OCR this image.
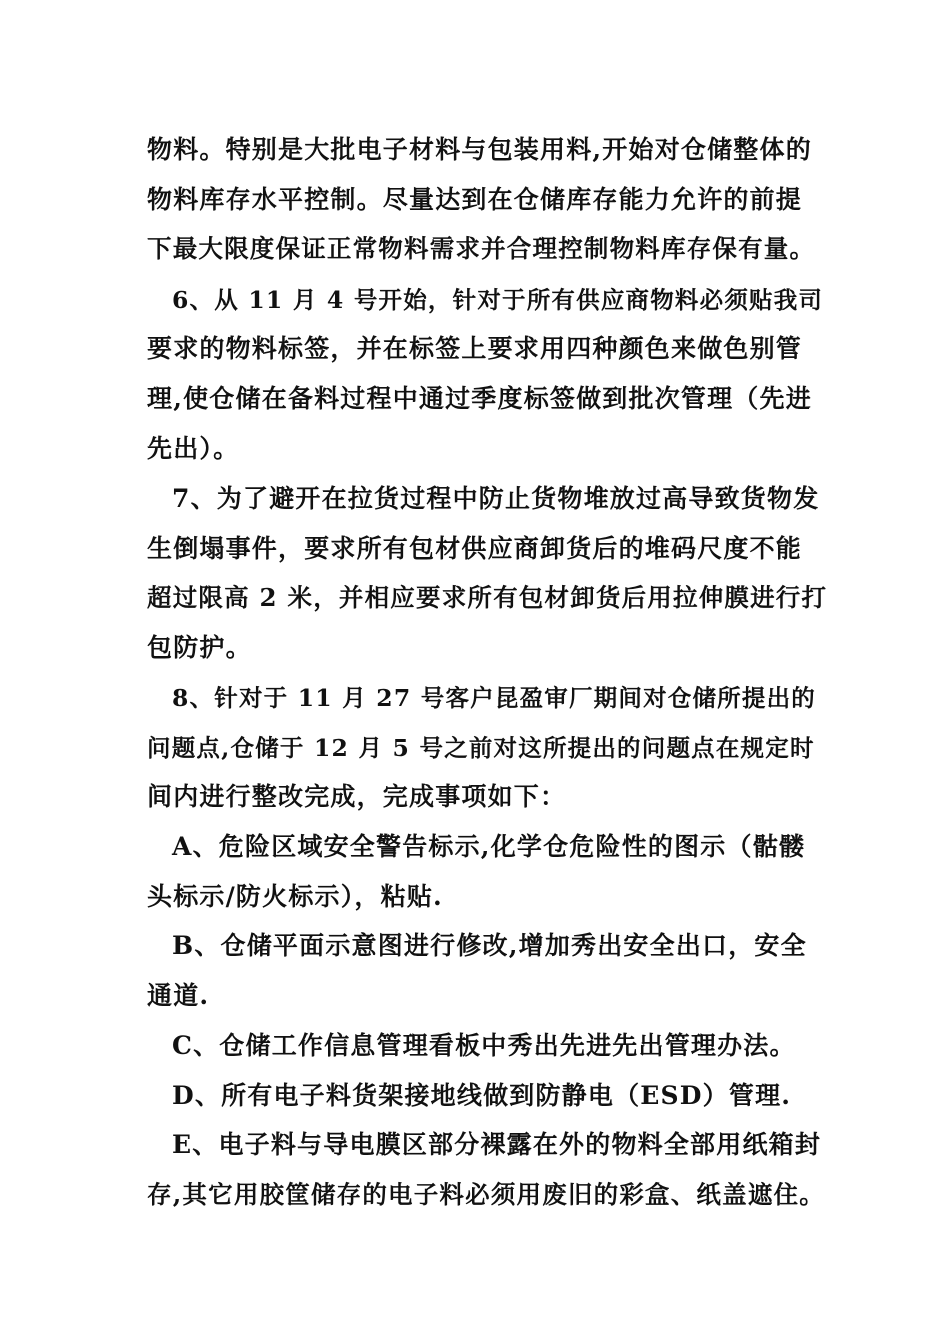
物料。特别是大批电子材料与包装用料,开始对仓储整体的
物料库存水平控制。尽量达到在仓储库存能力允许的前提
下最大限度保证正常物料需求并合理控制物料库存保有量。
6、从 11 月 4 号开始，针对于所有供应商物料必须贴我司
要求的物料标签，并在标签上要求用四种颜色来做色别管
理,使仓储在备料过程中通过季度标签做到批次管理（先进
先出）。
7、为了避开在拉货过程中防止货物堆放过高导致货物发
生倒塌事件，要求所有包材供应商卸货后的堆码尺度不能
超过限高 2 米，并相应要求所有包材卸货后用拉伸膜进行打
包防护。
8、针对于 11 月 27 号客户昆盈审厂期间对仓储所提出的
问题点,仓储于 12 月 5 号之前对这所提出的问题点在规定时
间内进行整改完成，完成事项如下：
A、危险区域安全警告标示,化学仓危险性的图示（骷髅
头标示/防火标示），粘贴.
B、仓储平面示意图进行修改,增加秀出安全出口，安全
通道.
C、仓储工作信息管理看板中秀出先进先出管理办法。
D、所有电子料货架接地线做到防静电（ESD）管理.
E、电子料与导电膜区部分裸露在外的物料全部用纸箱封
存,其它用胶筐储存的电子料必须用废旧的彩盒、纸盖遮住。
